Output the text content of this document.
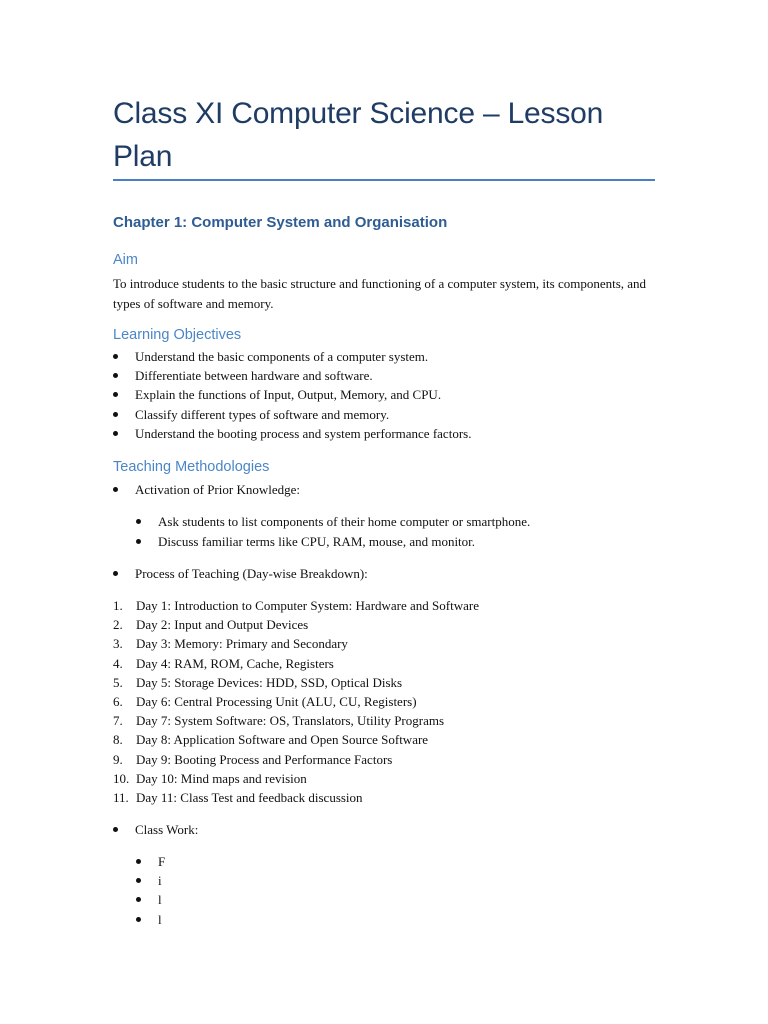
Class XI Computer Science – Lesson Plan
Chapter 1: Computer System and Organisation
Aim
To introduce students to the basic structure and functioning of a computer system, its components, and types of software and memory.
Learning Objectives
Understand the basic components of a computer system.
Differentiate between hardware and software.
Explain the functions of Input, Output, Memory, and CPU.
Classify different types of software and memory.
Understand the booting process and system performance factors.
Teaching Methodologies
Activation of Prior Knowledge:
Ask students to list components of their home computer or smartphone.
Discuss familiar terms like CPU, RAM, mouse, and monitor.
Process of Teaching (Day-wise Breakdown):
1.	Day 1: Introduction to Computer System: Hardware and Software
2.	Day 2: Input and Output Devices
3.	Day 3: Memory: Primary and Secondary
4.	Day 4: RAM, ROM, Cache, Registers
5.	Day 5: Storage Devices: HDD, SSD, Optical Disks
6.	Day 6: Central Processing Unit (ALU, CU, Registers)
7.	Day 7: System Software: OS, Translators, Utility Programs
8.	Day 8: Application Software and Open Source Software
9.	Day 9: Booting Process and Performance Factors
10. Day 10: Mind maps and revision
11. Day 11: Class Test and feedback discussion
Class Work:
F
i
l
l
